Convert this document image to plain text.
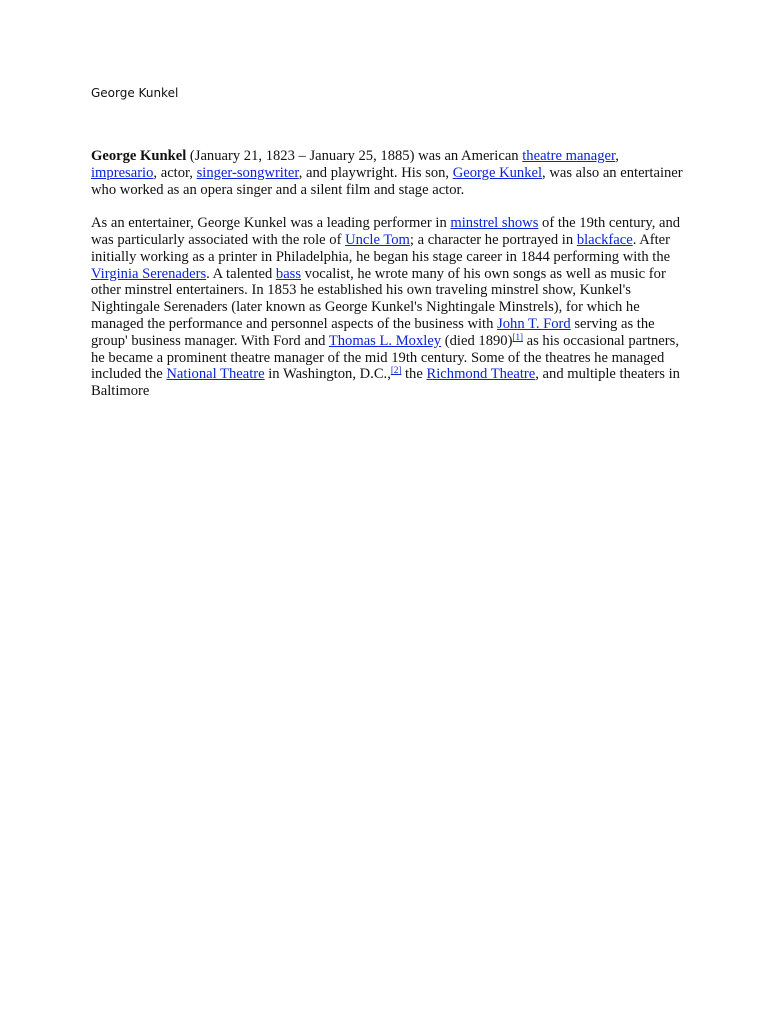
George Kunkel

George Kunkel (January 21, 1823 – January 25, 1885) was an American theatre manager, impresario, actor, singer-songwriter, and playwright. His son, George Kunkel, was also an entertainer who worked as an opera singer and a silent film and stage actor.

As an entertainer, George Kunkel was a leading performer in minstrel shows of the 19th century, and was particularly associated with the role of Uncle Tom; a character he portrayed in blackface. After initially working as a printer in Philadelphia, he began his stage career in 1844 performing with the Virginia Serenaders. A talented bass vocalist, he wrote many of his own songs as well as music for other minstrel entertainers. In 1853 he established his own traveling minstrel show, Kunkel's Nightingale Serenaders (later known as George Kunkel's Nightingale Minstrels), for which he managed the performance and personnel aspects of the business with John T. Ford serving as the group' business manager. With Ford and Thomas L. Moxley (died 1890)[1] as his occasional partners, he became a prominent theatre manager of the mid 19th century. Some of the theatres he managed included the National Theatre in Washington, D.C.,[2] the Richmond Theatre, and multiple theaters in Baltimore
